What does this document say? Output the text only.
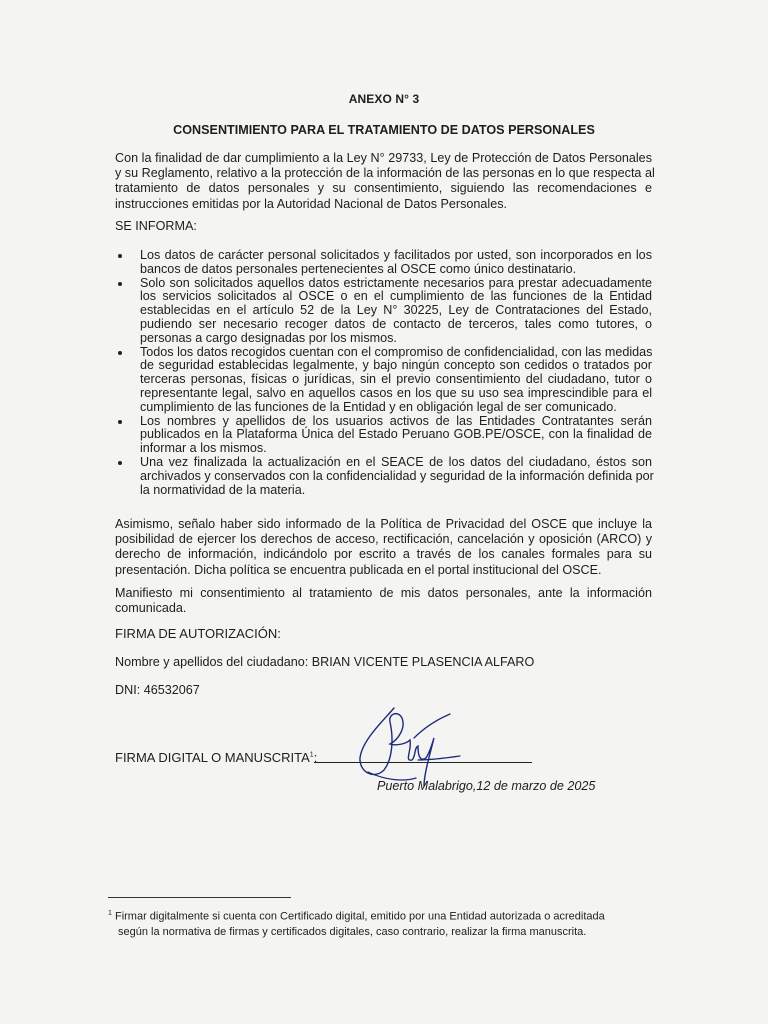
ANEXO N° 3
CONSENTIMIENTO PARA EL TRATAMIENTO DE DATOS PERSONALES
Con la finalidad de dar cumplimiento a la Ley N° 29733, Ley de Protección de Datos Personales
y su Reglamento, relativo a la protección de la información de las personas en lo que respecta al
tratamiento de datos personales y su consentimiento, siguiendo las recomendaciones e
instrucciones emitidas por la Autoridad Nacional de Datos Personales.
SE INFORMA:
Los datos de carácter personal solicitados y facilitados por usted, son incorporados en los
bancos de datos personales pertenecientes al OSCE como único destinatario.
Solo son solicitados aquellos datos estrictamente necesarios para prestar adecuadamente
los servicios solicitados al OSCE o en el cumplimiento de las funciones de la Entidad
establecidas en el artículo 52 de la Ley N° 30225, Ley de Contrataciones del Estado,
pudiendo ser necesario recoger datos de contacto de terceros, tales como tutores, o
personas a cargo designadas por los mismos.
Todos los datos recogidos cuentan con el compromiso de confidencialidad, con las medidas
de seguridad establecidas legalmente, y bajo ningún concepto son cedidos o tratados por
terceras personas, físicas o jurídicas, sin el previo consentimiento del ciudadano, tutor o
representante legal, salvo en aquellos casos en los que su uso sea imprescindible para el
cumplimiento de las funciones de la Entidad y en obligación legal de ser comunicado.
Los nombres y apellidos de los usuarios activos de las Entidades Contratantes serán
publicados en la Plataforma Única del Estado Peruano GOB.PE/OSCE, con la finalidad de
informar a los mismos.
Una vez finalizada la actualización en el SEACE de los datos del ciudadano, éstos son
archivados y conservados con la confidencialidad y seguridad de la información definida por
la normatividad de la materia.
Asimismo, señalo haber sido informado de la Política de Privacidad del OSCE que incluye la
posibilidad de ejercer los derechos de acceso, rectificación, cancelación y oposición (ARCO) y
derecho de información, indicándolo por escrito a través de los canales formales para su
presentación. Dicha política se encuentra publicada en el portal institucional del OSCE.
Manifiesto mi consentimiento al tratamiento de mis datos personales, ante la información
comunicada.
FIRMA DE AUTORIZACIÓN:
Nombre y apellidos del ciudadano: BRIAN VICENTE PLASENCIA ALFARO
DNI: 46532067
FIRMA DIGITAL O MANUSCRITA$^1$:
Puerto Malabrigo,12 de marzo de 2025
$^1$ Firmar digitalmente si cuenta con Certificado digital, emitido por una Entidad autorizada o acreditada
según la normativa de firmas y certificados digitales, caso contrario, realizar la firma manuscrita.
